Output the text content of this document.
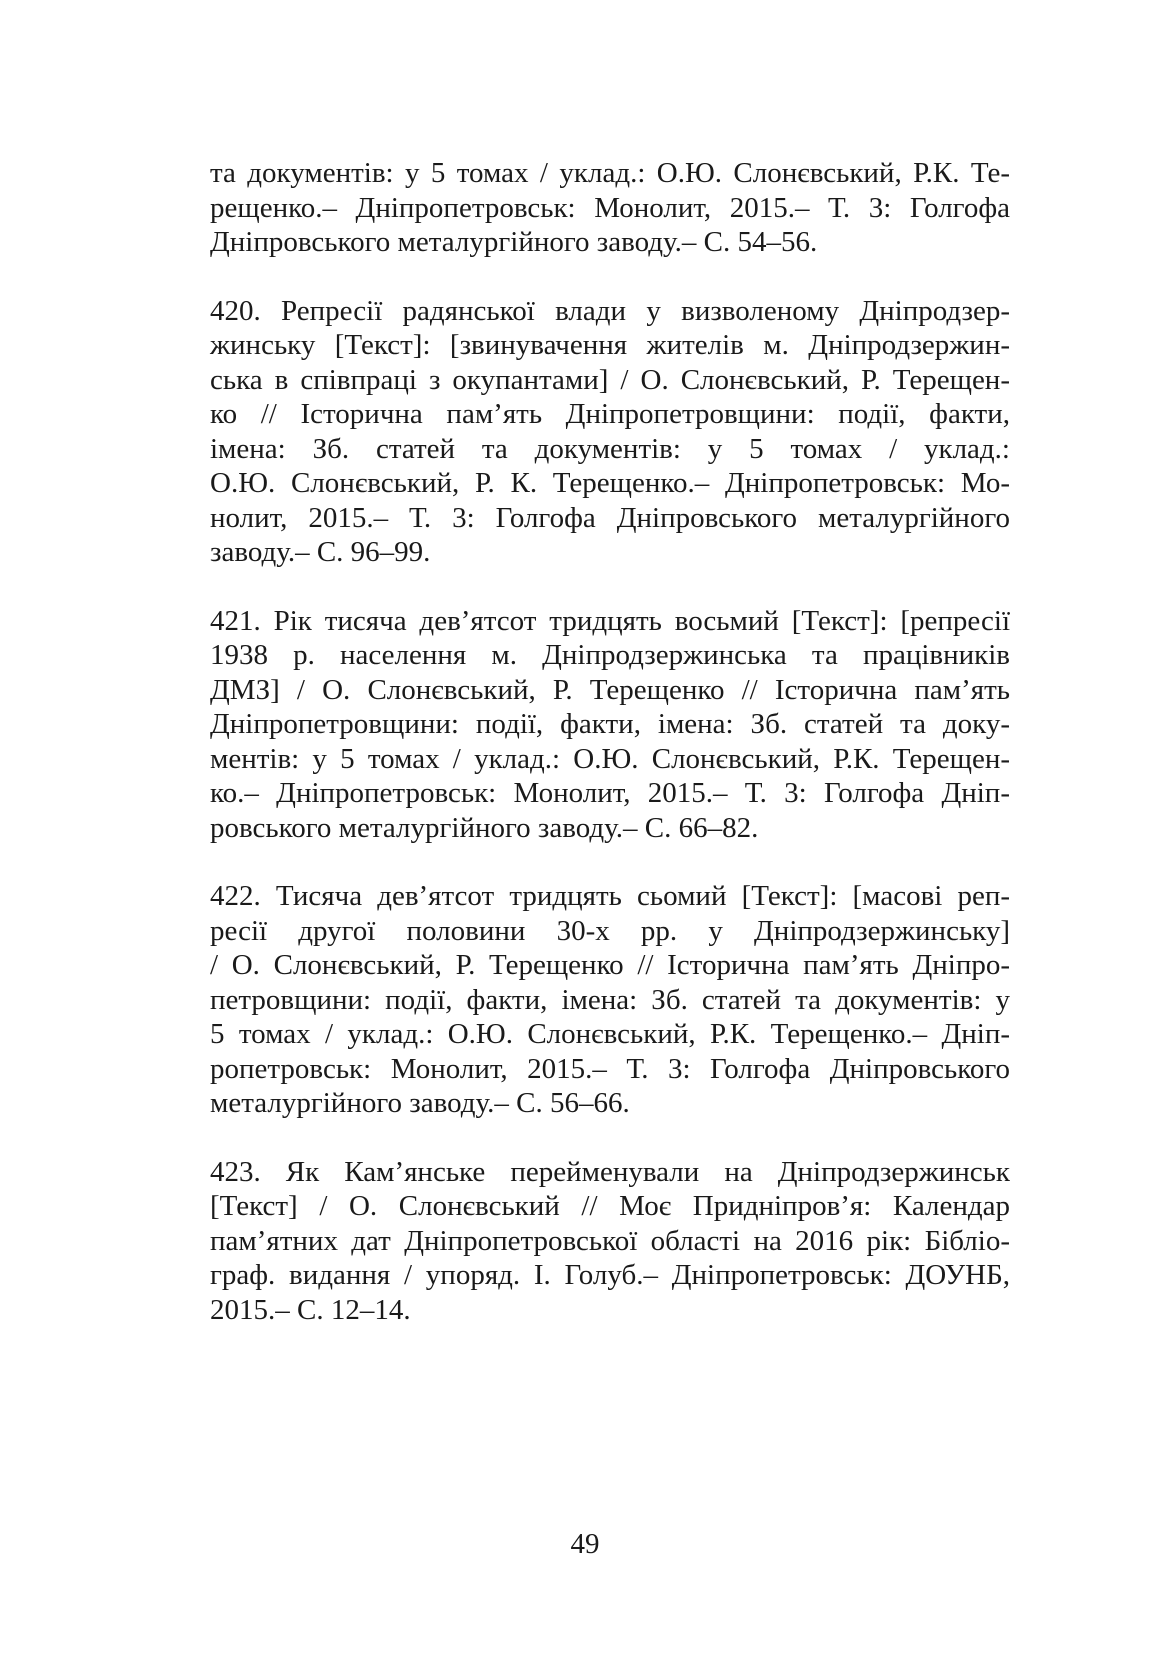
та документів: у 5 томах / уклад.: О.Ю. Слонєвський, Р.К. Те-
рещенко.– Дніпропетровськ: Монолит, 2015.– Т. 3: Голгофа
Дніпровського металургійного заводу.– С. 54–56.
420. Репресії радянської влади у визволеному Дніпродзер-
жинську [Текст]: [звинувачення жителів м. Дніпродзержин-
ська в співпраці з окупантами] / О. Слонєвський, Р. Терещен-
ко // Історична пам’ять Дніпропетровщини: події, факти,
імена: Зб. статей та документів: у 5 томах / уклад.:
О.Ю. Слонєвський, Р. К. Терещенко.– Дніпропетровськ: Мо-
нолит, 2015.– Т. 3: Голгофа Дніпровського металургійного
заводу.– С. 96–99.
421. Рік тисяча дев’ятсот тридцять восьмий [Текст]: [репресії
1938 р. населення м. Дніпродзержинська та працівників
ДМЗ] / О. Слонєвський, Р. Терещенко // Історична пам’ять
Дніпропетровщини: події, факти, імена: Зб. статей та доку-
ментів: у 5 томах / уклад.: О.Ю. Слонєвський, Р.К. Терещен-
ко.– Дніпропетровськ: Монолит, 2015.– Т. 3: Голгофа Дніп-
ровського металургійного заводу.– С. 66–82.
422. Тисяча дев’ятсот тридцять сьомий [Текст]: [масові реп-
ресії другої половини 30-х рр. у Дніпродзержинську]
/ О. Слонєвський, Р. Терещенко // Історична пам’ять Дніпро-
петровщини: події, факти, імена: Зб. статей та документів: у
5 томах / уклад.: О.Ю. Слонєвський, Р.К. Терещенко.– Дніп-
ропетровськ: Монолит, 2015.– Т. 3: Голгофа Дніпровського
металургійного заводу.– С. 56–66.
423. Як Кам’янське перейменували на Дніпродзержинськ
[Текст] / О. Слонєвський // Моє Придніпров’я: Календар
пам’ятних дат Дніпропетровської області на 2016 рік: Бібліо-
граф. видання / упоряд. І. Голуб.– Дніпропетровськ: ДОУНБ,
2015.– С. 12–14.
49
